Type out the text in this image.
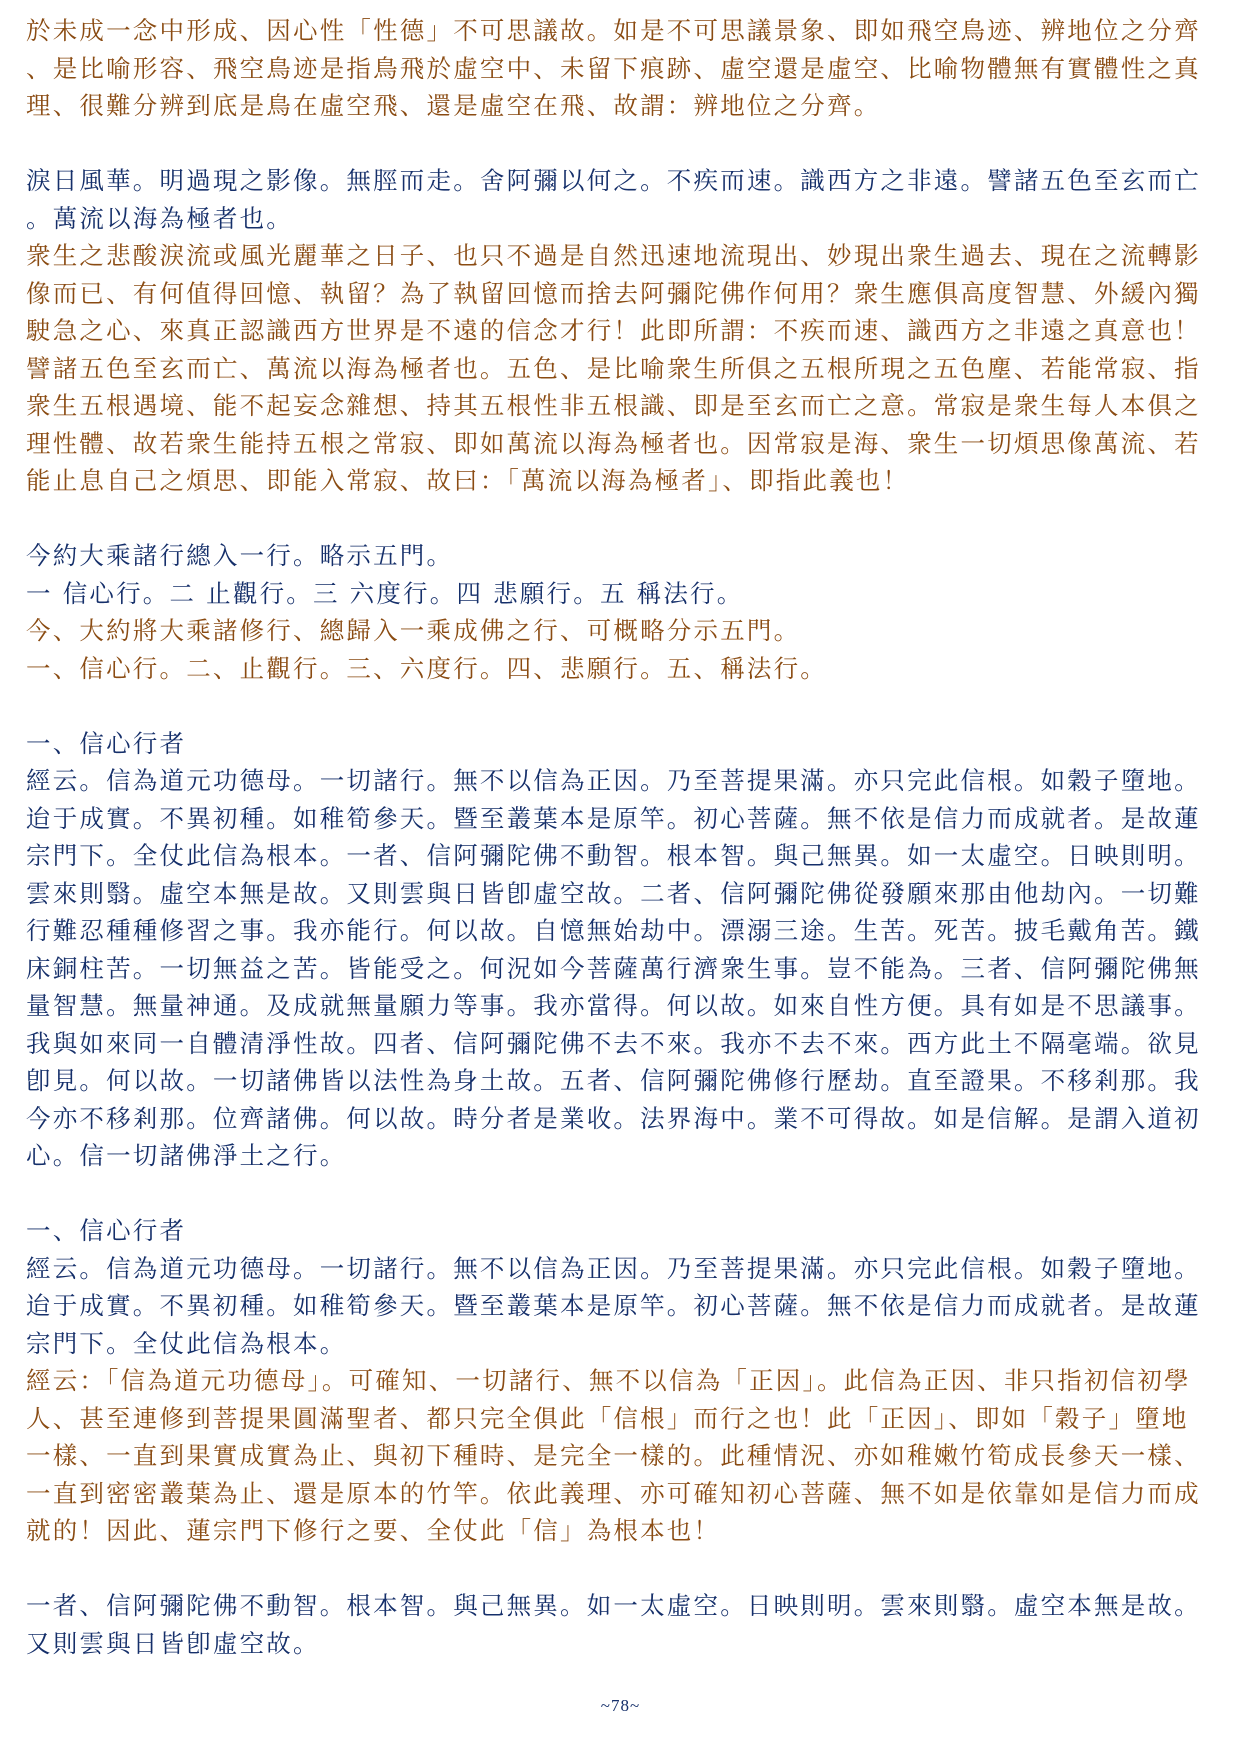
於未成一念中形成、因心性「性德」不可思議故。如是不可思議景象、即如飛空鳥迹、辨地位之分齊
、是比喻形容、飛空鳥迹是指鳥飛於虛空中、未留下痕跡、虛空還是虛空、比喻物體無有實體性之真
理、很難分辨到底是鳥在虛空飛、還是虛空在飛、故謂：辨地位之分齊。
淚日風華。明過現之影像。無脛而走。舍阿彌以何之。不疾而速。識西方之非遠。譬諸五色至玄而亡
。萬流以海為極者也。
衆生之悲酸淚流或風光麗華之日子、也只不過是自然迅速地流現出、妙現出衆生過去、現在之流轉影
像而已、有何值得回憶、執留？為了執留回憶而捨去阿彌陀佛作何用？衆生應俱高度智慧、外緩內獨
駛急之心、來真正認識西方世界是不遠的信念才行！此即所謂：不疾而速、識西方之非遠之真意也！
譬諸五色至玄而亡、萬流以海為極者也。五色、是比喻衆生所俱之五根所現之五色塵、若能常寂、指
衆生五根遇境、能不起妄念雜想、持其五根性非五根識、即是至玄而亡之意。常寂是衆生每人本俱之
理性體、故若衆生能持五根之常寂、即如萬流以海為極者也。因常寂是海、衆生一切煩思像萬流、若
能止息自己之煩思、即能入常寂、故曰：「萬流以海為極者」、即指此義也！
今約大乘諸行總入一行。略示五門。
一 信心行。二 止觀行。三 六度行。四 悲願行。五 稱法行。
今、大約將大乘諸修行、總歸入一乘成佛之行、可概略分示五門。
一、信心行。二、止觀行。三、六度行。四、悲願行。五、稱法行。
一、信心行者
經云。信為道元功德母。一切諸行。無不以信為正因。乃至菩提果滿。亦只完此信根。如穀子墮地。
迨于成實。不異初種。如稚筍參天。暨至叢葉本是原竿。初心菩薩。無不依是信力而成就者。是故蓮
宗門下。全仗此信為根本。一者、信阿彌陀佛不動智。根本智。與己無異。如一太虛空。日映則明。
雲來則翳。虛空本無是故。又則雲與日皆卽虛空故。二者、信阿彌陀佛從發願來那由他劫內。一切難
行難忍種種修習之事。我亦能行。何以故。自憶無始劫中。漂溺三途。生苦。死苦。披毛戴角苦。鐵
床銅柱苦。一切無益之苦。皆能受之。何況如今菩薩萬行濟衆生事。豈不能為。三者、信阿彌陀佛無
量智慧。無量神通。及成就無量願力等事。我亦當得。何以故。如來自性方便。具有如是不思議事。
我與如來同一自體清淨性故。四者、信阿彌陀佛不去不來。我亦不去不來。西方此土不隔毫端。欲見
卽見。何以故。一切諸佛皆以法性為身土故。五者、信阿彌陀佛修行歷劫。直至證果。不移剎那。我
今亦不移剎那。位齊諸佛。何以故。時分者是業收。法界海中。業不可得故。如是信解。是謂入道初
心。信一切諸佛淨土之行。
一、信心行者
經云。信為道元功德母。一切諸行。無不以信為正因。乃至菩提果滿。亦只完此信根。如穀子墮地。
迨于成實。不異初種。如稚筍參天。暨至叢葉本是原竿。初心菩薩。無不依是信力而成就者。是故蓮
宗門下。全仗此信為根本。
經云：「信為道元功德母」。可確知、一切諸行、無不以信為「正因」。此信為正因、非只指初信初學
人、甚至連修到菩提果圓滿聖者、都只完全俱此「信根」而行之也！此「正因」、即如「穀子」墮地
一樣、一直到果實成實為止、與初下種時、是完全一樣的。此種情況、亦如稚嫩竹筍成長參天一樣、
一直到密密叢葉為止、還是原本的竹竿。依此義理、亦可確知初心菩薩、無不如是依靠如是信力而成
就的！因此、蓮宗門下修行之要、全仗此「信」為根本也！
一者、信阿彌陀佛不動智。根本智。與己無異。如一太虛空。日映則明。雲來則翳。虛空本無是故。
又則雲與日皆卽虛空故。
~78~
